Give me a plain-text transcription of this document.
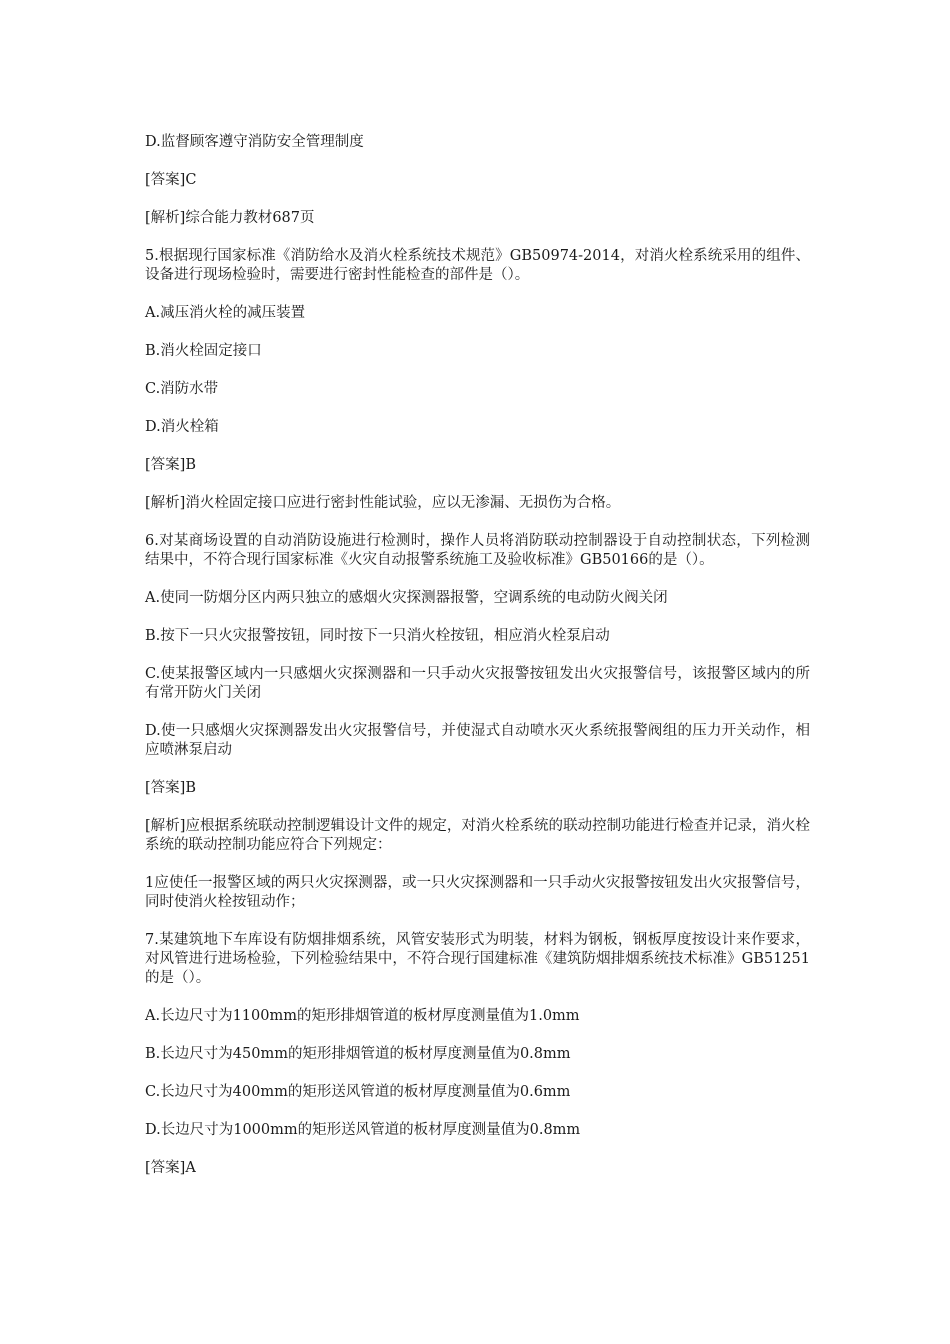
D.监督顾客遵守消防安全管理制度

[答案]C

[解析]综合能力教材687页

5.根据现行国家标准《消防给水及消火栓系统技术规范》GB50974-2014，对消火栓系统采用的组件、设备进行现场检验时，需要进行密封性能检查的部件是（）。

A.减压消火栓的减压装置

B.消火栓固定接口

C.消防水带

D.消火栓箱

[答案]B

[解析]消火栓固定接口应进行密封性能试验，应以无渗漏、无损伤为合格。

6.对某商场设置的自动消防设施进行检测时，操作人员将消防联动控制器设于自动控制状态，下列检测结果中，不符合现行国家标准《火灾自动报警系统施工及验收标准》GB50166的是（）。

A.使同一防烟分区内两只独立的感烟火灾探测器报警，空调系统的电动防火阀关闭

B.按下一只火灾报警按钮，同时按下一只消火栓按钮，相应消火栓泵启动

C.使某报警区域内一只感烟火灾探测器和一只手动火灾报警按钮发出火灾报警信号，该报警区域内的所有常开防火门关闭

D.使一只感烟火灾探测器发出火灾报警信号，并使湿式自动喷水灭火系统报警阀组的压力开关动作，相应喷淋泵启动

[答案]B

[解析]应根据系统联动控制逻辑设计文件的规定，对消火栓系统的联动控制功能进行检查并记录，消火栓系统的联动控制功能应符合下列规定：

1应使任一报警区域的两只火灾探测器，或一只火灾探测器和一只手动火灾报警按钮发出火灾报警信号，同时使消火栓按钮动作；

7.某建筑地下车库设有防烟排烟系统，风管安装形式为明装，材料为钢板，钢板厚度按设计来作要求，对风管进行进场检验，下列检验结果中，不符合现行国建标准《建筑防烟排烟系统技术标准》GB51251的是（）。

A.长边尺寸为1100mm的矩形排烟管道的板材厚度测量值为1.0mm

B.长边尺寸为450mm的矩形排烟管道的板材厚度测量值为0.8mm

C.长边尺寸为400mm的矩形送风管道的板材厚度测量值为0.6mm

D.长边尺寸为1000mm的矩形送风管道的板材厚度测量值为0.8mm

[答案]A
